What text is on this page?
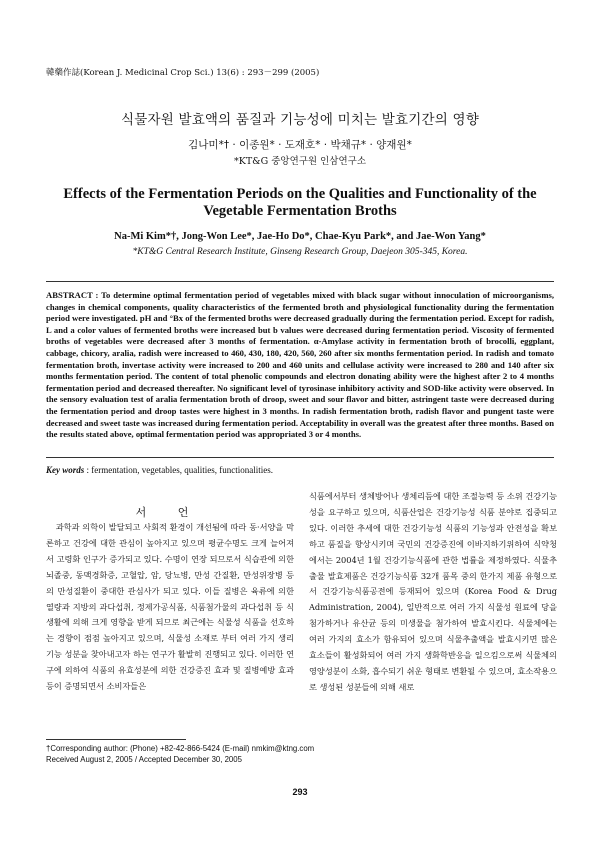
韓藥作誌(Korean J. Medicinal Crop Sci.) 13(6) : 293－299 (2005)
식물자원 발효액의 품질과 기능성에 미치는 발효기간의 영향
김나미*† · 이종원* · 도재호* · 박채규* · 양재원*
*KT&G 중앙연구원 인삼연구소
Effects of the Fermentation Periods on the Qualities and Functionality of the
Vegetable Fermentation Broths
Na-Mi Kim*†, Jong-Won Lee*, Jae-Ho Do*, Chae-Kyu Park*, and Jae-Won Yang*
*KT&G Central Research Institute, Ginseng Research Group, Daejeon 305-345, Korea.

ABSTRACT : To determine optimal fermentation period of vegetables mixed with black sugar without innoculation of microorganisms, changes in chemical components, quality characteristics of the fermented broth and physiological functionality during the fermentation period were investigated. pH and °Bx of the fermented broths were decreased gradually during the fermentation period. Except for radish, L and a color values of fermented broths were increased but b values were decreased during fermentation period. Viscosity of fermented broths of vegetables were decreased after 3 months of fermentation. α-Amylase activity in fermentation broth of brocolli, eggplant, cabbage, chicory, aralia, radish were increased to 460, 430, 180, 420, 560, 260 after six months fermentation period. In radish and tomato fermentation broth, invertase activity were increased to 200 and 460 units and cellulase activity were increased to 280 and 140 after six months fermentation period. The content of total phenolic compounds and electron donating ability were the highest after 2 to 4 months fermentation period and decreased thereafter. No significant level of tyrosinase inhibitory activity and SOD-like activity were observed. In the sensory evaluation test of aralia fermentation broth of droop, sweet and sour flavor and bitter, astringent taste were decreased during the fermentation period and droop tastes were highest in 3 months. In radish fermentation broth, radish flavor and pungent taste were decreased and sweet taste was increased during fermentation period. Acceptability in overall was the greatest after three months. Based on the results stated above, optimal fermentation period was appropriated 3 or 4 months.

Key words : fermentation, vegetables, qualities, functionalities.
서 언

과학과 의학이 발달되고 사회적 환경이 개선됨에 따라 동·서양을 막론하고 건강에 대한 관심이 높아지고 있으며 평균수명도 크게 늘어져서 고령화 인구가 증가되고 있다. 수명이 연장 되므로서 식습관에 의한 뇌졸중, 동맥경화증, 고혈압, 암, 당뇨병, 만성 간질환, 만성위장병 등의 만성질환이 중대한 관심사가 되고 있다. 이들 질병은 육류에 의한 열량과 지방의 과다섭취, 정제가공식품, 식품첨가물의 과다섭취 등 식생활에 의해 크게 영향을 받게 되므로 최근에는 식물성 식품을 선호하는 경향이 점점 높아지고 있으며, 식물성 소재로 부터 여러 가지 생리기능 성분을 찾아내고자 하는 연구가 활발히 진행되고 있다. 이러한 연구에 의하여 식품의 유효성분에 의한 건강증진 효과 및 질병예방 효과 등이 증명되면서 소비자들은

식품에서부터 생체방어나 생체리듬에 대한 조절능력 등 소위 건강기능성을 요구하고 있으며, 식품산업은 건강기능성 식품 분야로 집중되고 있다. 이러한 추세에 대한 건강기능성 식품의 기능성과 안전성을 확보하고 품질을 향상시키며 국민의 건강증진에 이바지하기위하여 식약청에서는 2004년 1월 건강기능식품에 관한 법률을 제정하였다. 식물추출물 발효제품은 건강기능식품 32개 품목 중의 한가지 제품 유형으로서 건강기능식품공전에 등재되어 있으며 (Korea Food & Drug Administration, 2004), 일반적으로 여러 가지 식물성 원료에 당을 첨가하거나 유산균 등의 미생물을 첨가하여 발효시킨다. 식물체에는 여러 가지의 효소가 함유되어 있으며 식물추출액을 발효시키면 많은 효소들이 활성화되어 여러 가지 생화학반응을 일으킴으로써 식물체의 영양성분이 소화, 흡수되기 쉬운 형태로 변환될 수 있으며, 효소작용으로 생성된 성분들에 의해 새로

†Corresponding author: (Phone) +82-42-866-5424 (E-mail) nmkim@ktng.com
Received August 2, 2005 / Accepted December 30, 2005
293
